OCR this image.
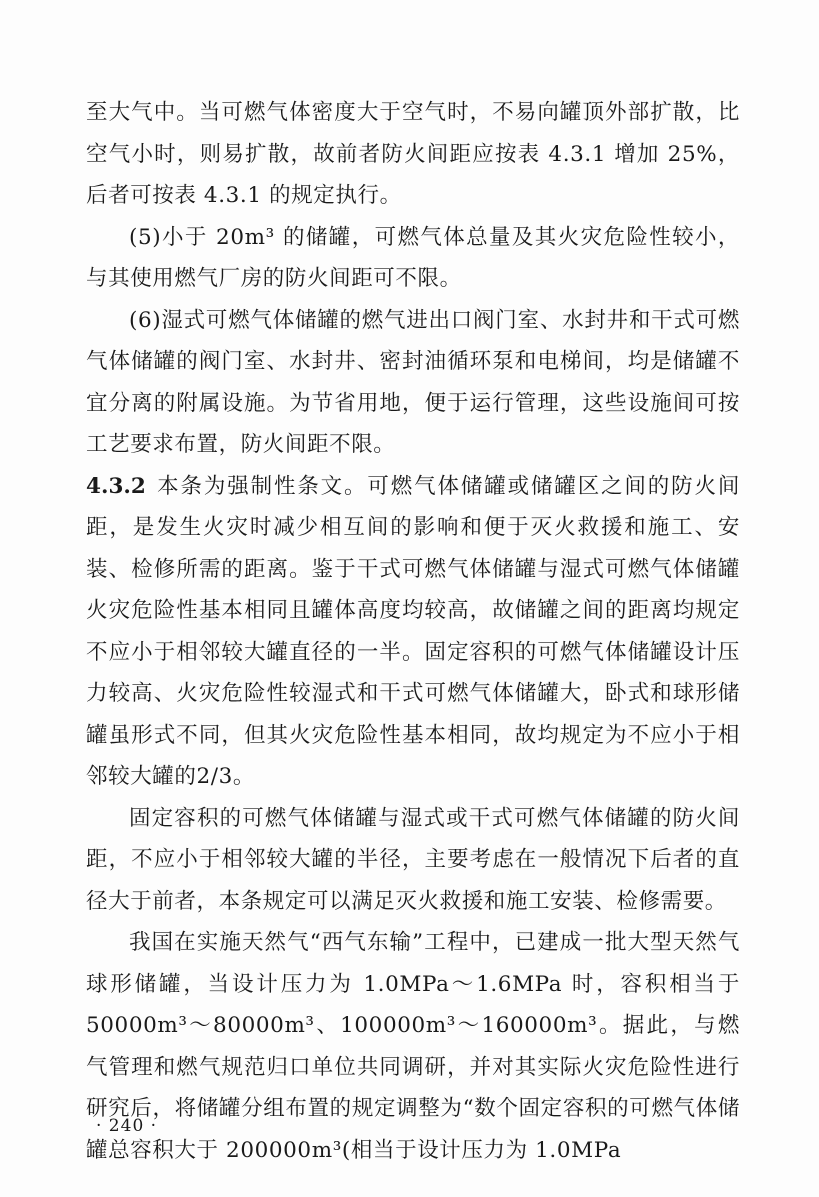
至大气中。当可燃气体密度大于空气时，不易向罐顶外部扩散，比空气小时，则易扩散，故前者防火间距应按表 4.3.1 增加 25%，后者可按表 4.3.1 的规定执行。

(5)小于 20m³ 的储罐，可燃气体总量及其火灾危险性较小，与其使用燃气厂房的防火间距可不限。

(6)湿式可燃气体储罐的燃气进出口阀门室、水封井和干式可燃气体储罐的阀门室、水封井、密封油循环泵和电梯间，均是储罐不宜分离的附属设施。为节省用地，便于运行管理，这些设施间可按工艺要求布置，防火间距不限。

4.3.2 本条为强制性条文。可燃气体储罐或储罐区之间的防火间距，是发生火灾时减少相互间的影响和便于灭火救援和施工、安装、检修所需的距离。鉴于干式可燃气体储罐与湿式可燃气体储罐火灾危险性基本相同且罐体高度均较高，故储罐之间的距离均规定不应小于相邻较大罐直径的一半。固定容积的可燃气体储罐设计压力较高、火灾危险性较湿式和干式可燃气体储罐大，卧式和球形储罐虽形式不同，但其火灾危险性基本相同，故均规定为不应小于相邻较大罐的2/3。

固定容积的可燃气体储罐与湿式或干式可燃气体储罐的防火间距，不应小于相邻较大罐的半径，主要考虑在一般情况下后者的直径大于前者，本条规定可以满足灭火救援和施工安装、检修需要。

我国在实施天然气“西气东输”工程中，已建成一批大型天然气球形储罐，当设计压力为 1.0MPa～1.6MPa 时，容积相当于 50000m³～80000m³、100000m³～160000m³。据此，与燃气管理和燃气规范归口单位共同调研，并对其实际火灾危险性进行研究后，将储罐分组布置的规定调整为“数个固定容积的可燃气体储罐总容积大于 200000m³(相当于设计压力为 1.0MPa

· 240 ·
